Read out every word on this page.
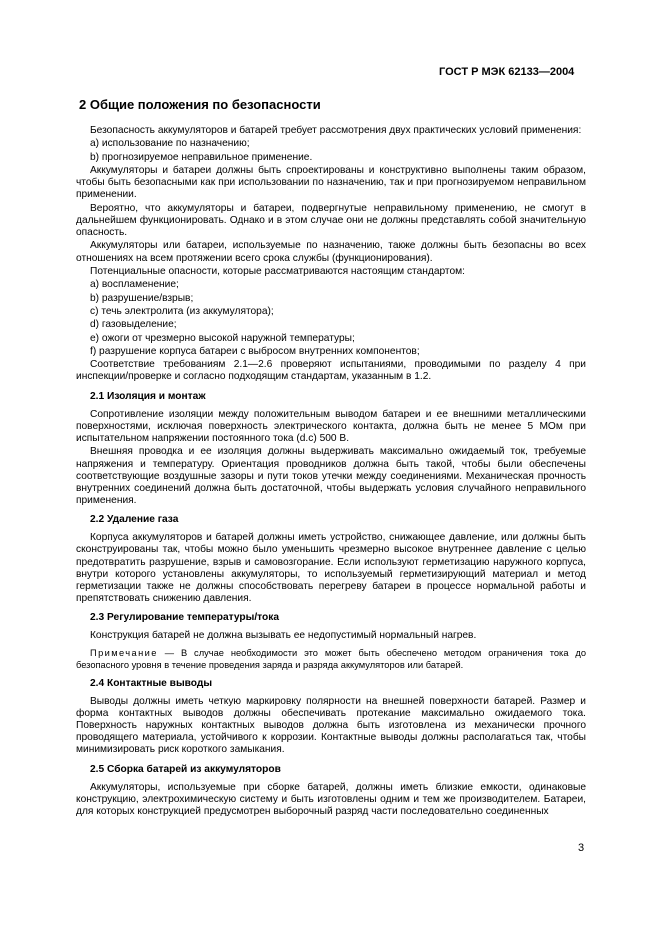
ГОСТ Р МЭК 62133—2004
2 Общие положения по безопасности

Безопасность аккумуляторов и батарей требует рассмотрения двух практических условий применения:

a) использование по назначению;

b) прогнозируемое неправильное применение.

Аккумуляторы и батареи должны быть спроектированы и конструктивно выполнены таким образом, чтобы быть безопасными как при использовании по назначению, так и при прогнозируемом неправильном применении.

Вероятно, что аккумуляторы и батареи, подвергнутые неправильному применению, не смогут в дальнейшем функционировать. Однако и в этом случае они не должны представлять собой значительную опасность.

Аккумуляторы или батареи, используемые по назначению, также должны быть безопасны во всех отношениях на всем протяжении всего срока службы (функционирования).

Потенциальные опасности, которые рассматриваются настоящим стандартом:

a) воспламенение;

b) разрушение/взрыв;

c) течь электролита (из аккумулятора);

d) газовыделение;

e) ожоги от чрезмерно высокой наружной температуры;

f) разрушение корпуса батареи с выбросом внутренних компонентов;

Соответствие требованиям 2.1—2.6 проверяют испытаниями, проводимыми по разделу 4 при инспекции/проверке и согласно подходящим стандартам, указанным в 1.2.

2.1 Изоляция и монтаж

Сопротивление изоляции между положительным выводом батареи и ее внешними металлическими поверхностями, исключая поверхность электрического контакта, должна быть не менее 5 МОм при испытательном напряжении постоянного тока (d.c) 500 В.

Внешняя проводка и ее изоляция должны выдерживать максимально ожидаемый ток, требуемые напряжения и температуру. Ориентация проводников должна быть такой, чтобы были обеспечены соответствующие воздушные зазоры и пути токов утечки между соединениями. Механическая прочность внутренних соединений должна быть достаточной, чтобы выдержать условия случайного неправильного применения.

2.2 Удаление газа

Корпуса аккумуляторов и батарей должны иметь устройство, снижающее давление, или должны быть сконструированы так, чтобы можно было уменьшить чрезмерно высокое внутреннее давление с целью предотвратить разрушение, взрыв и самовозгорание. Если используют герметизацию наружного корпуса, внутри которого установлены аккумуляторы, то используемый герметизирующий материал и метод герметизации также не должны способствовать перегреву батареи в процессе нормальной работы и препятствовать снижению давления.

2.3 Регулирование температуры/тока

Конструкция батарей не должна вызывать ее недопустимый нормальный нагрев.

Примечание — В случае необходимости это может быть обеспечено методом ограничения тока до безопасного уровня в течение проведения заряда и разряда аккумуляторов или батарей.

2.4 Контактные выводы

Выводы должны иметь четкую маркировку полярности на внешней поверхности батарей. Размер и форма контактных выводов должны обеспечивать протекание максимально ожидаемого тока. Поверхность наружных контактных выводов должна быть изготовлена из механически прочного проводящего материала, устойчивого к коррозии. Контактные выводы должны располагаться так, чтобы минимизировать риск короткого замыкания.

2.5 Сборка батарей из аккумуляторов

Аккумуляторы, используемые при сборке батарей, должны иметь близкие емкости, одинаковые конструкцию, электрохимическую систему и быть изготовлены одним и тем же производителем. Батареи, для которых конструкцией предусмотрен выборочный разряд части последовательно соединенных

3
